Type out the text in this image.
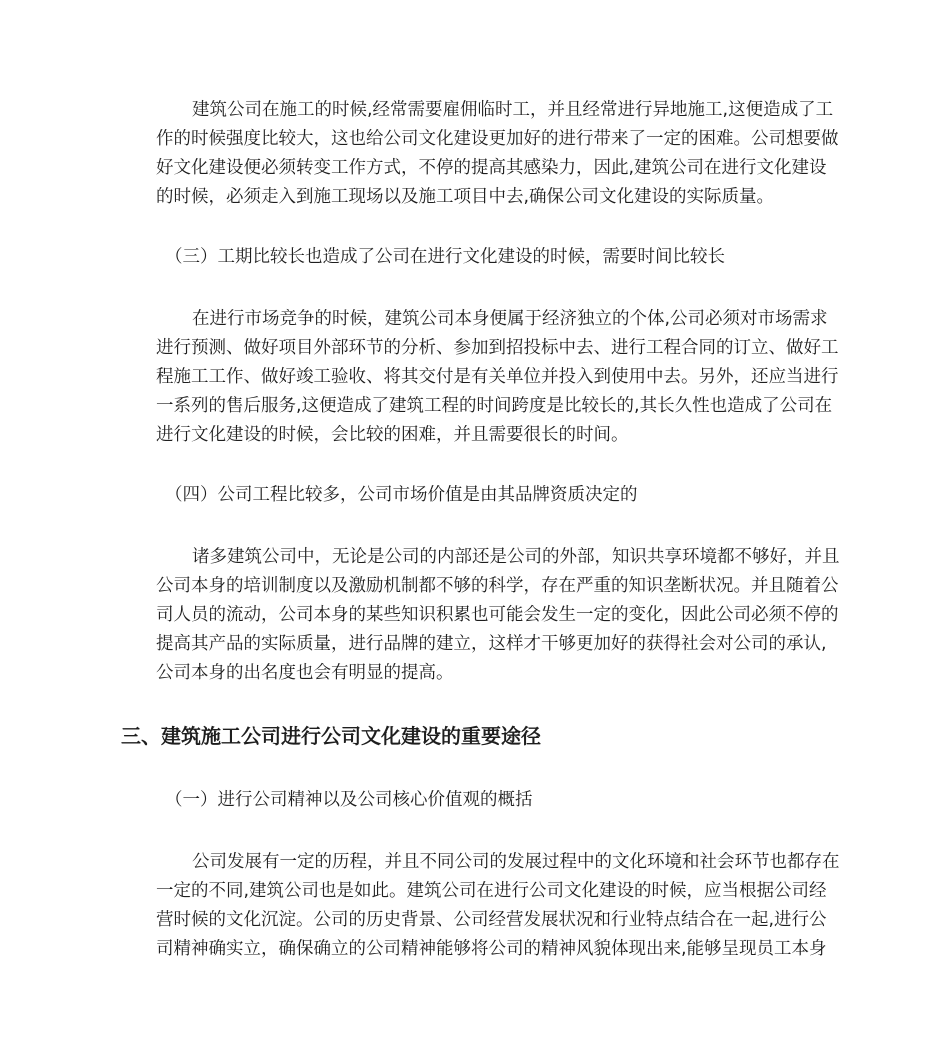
建筑公司在施工的时候,经常需要雇佣临时工，并且经常进行异地施工,这便造成了工
作的时候强度比较大，这也给公司文化建设更加好的进行带来了一定的困难。公司想要做
好文化建设便必须转变工作方式，不停的提高其感染力，因此,建筑公司在进行文化建设
的时候，必须走入到施工现场以及施工项目中去,确保公司文化建设的实际质量。
（三）工期比较长也造成了公司在进行文化建设的时候，需要时间比较长
在进行市场竞争的时候，建筑公司本身便属于经济独立的个体,公司必须对市场需求
进行预测、做好项目外部环节的分析、参加到招投标中去、进行工程合同的订立、做好工
程施工工作、做好竣工验收、将其交付是有关单位并投入到使用中去。另外，还应当进行
一系列的售后服务,这便造成了建筑工程的时间跨度是比较长的,其长久性也造成了公司在
进行文化建设的时候，会比较的困难，并且需要很长的时间。
（四）公司工程比较多，公司市场价值是由其品牌资质决定的
诸多建筑公司中，无论是公司的内部还是公司的外部，知识共享环境都不够好，并且
公司本身的培训制度以及激励机制都不够的科学，存在严重的知识垄断状况。并且随着公
司人员的流动，公司本身的某些知识积累也可能会发生一定的变化，因此公司必须不停的
提高其产品的实际质量，进行品牌的建立，这样才干够更加好的获得社会对公司的承认,
公司本身的出名度也会有明显的提高。
三、建筑施工公司进行公司文化建设的重要途径
（一）进行公司精神以及公司核心价值观的概括
公司发展有一定的历程，并且不同公司的发展过程中的文化环境和社会环节也都存在
一定的不同,建筑公司也是如此。建筑公司在进行公司文化建设的时候，应当根据公司经
营时候的文化沉淀。公司的历史背景、公司经营发展状况和行业特点结合在一起,进行公
司精神确实立，确保确立的公司精神能够将公司的精神风貌体现出来,能够呈现员工本身
